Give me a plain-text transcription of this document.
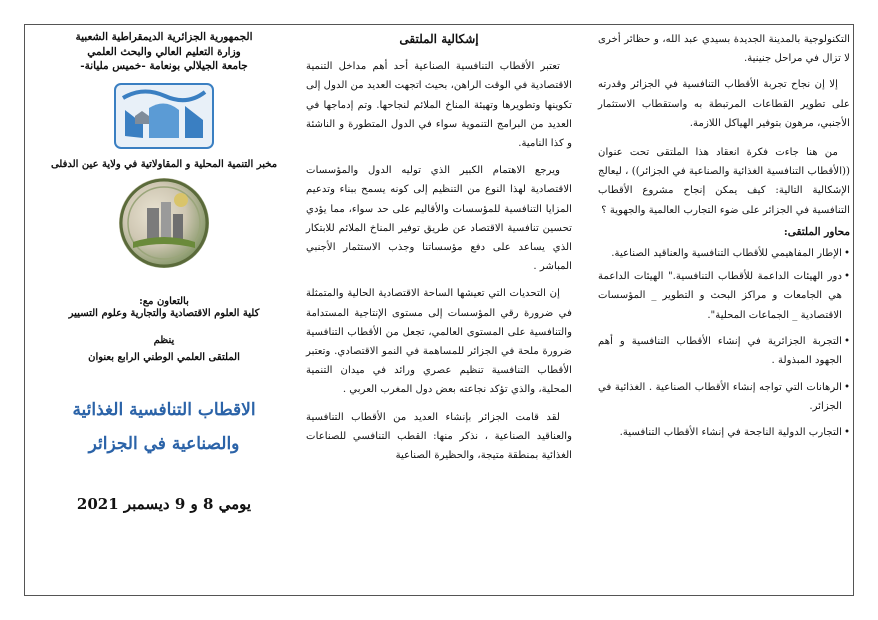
التكنولوجية بالمدينة الجديدة بسيدي عبد الله، و حظائر أخرى لا تزال في مراحل جنينية.

إلا إن نجاح تجربة الأقطاب التنافسية في الجزائر وقدرته على تطوير القطاعات المرتبطة به واستقطاب الاستثمار الأجنبي، مرهون بتوفير الهياكل اللازمة.

من هنا جاءت فكرة انعقاد هذا الملتقى تحت عنوان ((الأقطاب التنافسية الغذائية والصناعية في الجزائر)) ، ليعالج الإشكالية التالية: كيف يمكن إنجاح مشروع الأقطاب التنافسية في الجزائر على ضوء التجارب العالمية والجهوية ؟

محاور الملتقى:

• الإطار المفاهيمي للأقطاب التنافسية والعناقيد الصناعية.
• دور الهيئات الداعمة للأقطاب التنافسية." الهيئات الداعمة هي الجامعات و مراكز البحث و التطوير _ المؤسسات الاقتصادية _ الجماعات المحلية".
• التجربة الجزائرية في إنشاء الأقطاب التنافسية و أهم الجهود المبذولة .
• الرهانات التي تواجه إنشاء الأقطاب الصناعية . الغذائية في الجزائر.
• التجارب الدولية الناجحة في إنشاء الأقطاب التنافسية.

إشكالية الملتقى

تعتبر الأقطاب التنافسية الصناعية أحد أهم مداخل التنمية الاقتصادية في الوقت الراهن، بحيث اتجهت العديد من الدول إلى تكوينها وتطويرها وتهيئة المناخ الملائم لنجاحها. وتم إدماجها في العديد من البرامج التنموية سواء في الدول المتطورة و الناشئة و كذا النامية.

ويرجع الاهتمام الكبير الذي توليه الدول والمؤسسات الاقتصادية لهذا النوع من التنظيم إلى كونه يسمح ببناء وتدعيم المزايا التنافسية للمؤسسات والأقاليم على حد سواء، مما يؤدي تحسين تنافسية الاقتصاد عن طريق توفير المناخ الملائم للابتكار الذي يساعد على دفع مؤسساتنا وجذب الاستثمار الأجنبي المباشر .

إن التحديات التي تعيشها الساحة الاقتصادية الحالية والمتمثلة في ضرورة رقي المؤسسات إلى مستوى الإنتاجية المستدامة والتنافسية على المستوى العالمي، تجعل من الأقطاب التنافسية ضرورة ملحة في الجزائر للمساهمة في النمو الاقتصادي. وتعتبر الأقطاب التنافسية تنظيم عصري ورائد في ميدان التنمية المحلية، والذي تؤكد نجاعته بعض دول المغرب العربي .

لقد قامت الجزائر بإنشاء العديد من الأقطاب التنافسية والعناقيد الصناعية ، نذكر منها: القطب التنافسي للصناعات الغذائية بمنطقة متيجة، والحظيرة الصناعية

الجمهورية الجزائرية الديمقراطية الشعبية

وزارة التعليم العالي والبحث العلمي

جامعة الجيلالي بونعامة -خميس مليانة-

مخبر التنمية المحلية و المقاولاتية في ولاية عين الدفلى

بالتعاون مع:

كلية العلوم الاقتصادية والتجارية وعلوم التسيير

ينظم

الملتقى العلمي الوطني الرابع بعنوان

الاقطاب التنافسية الغذائية والصناعية في الجزائر

يومي 8 و 9 ديسمبر 2021
